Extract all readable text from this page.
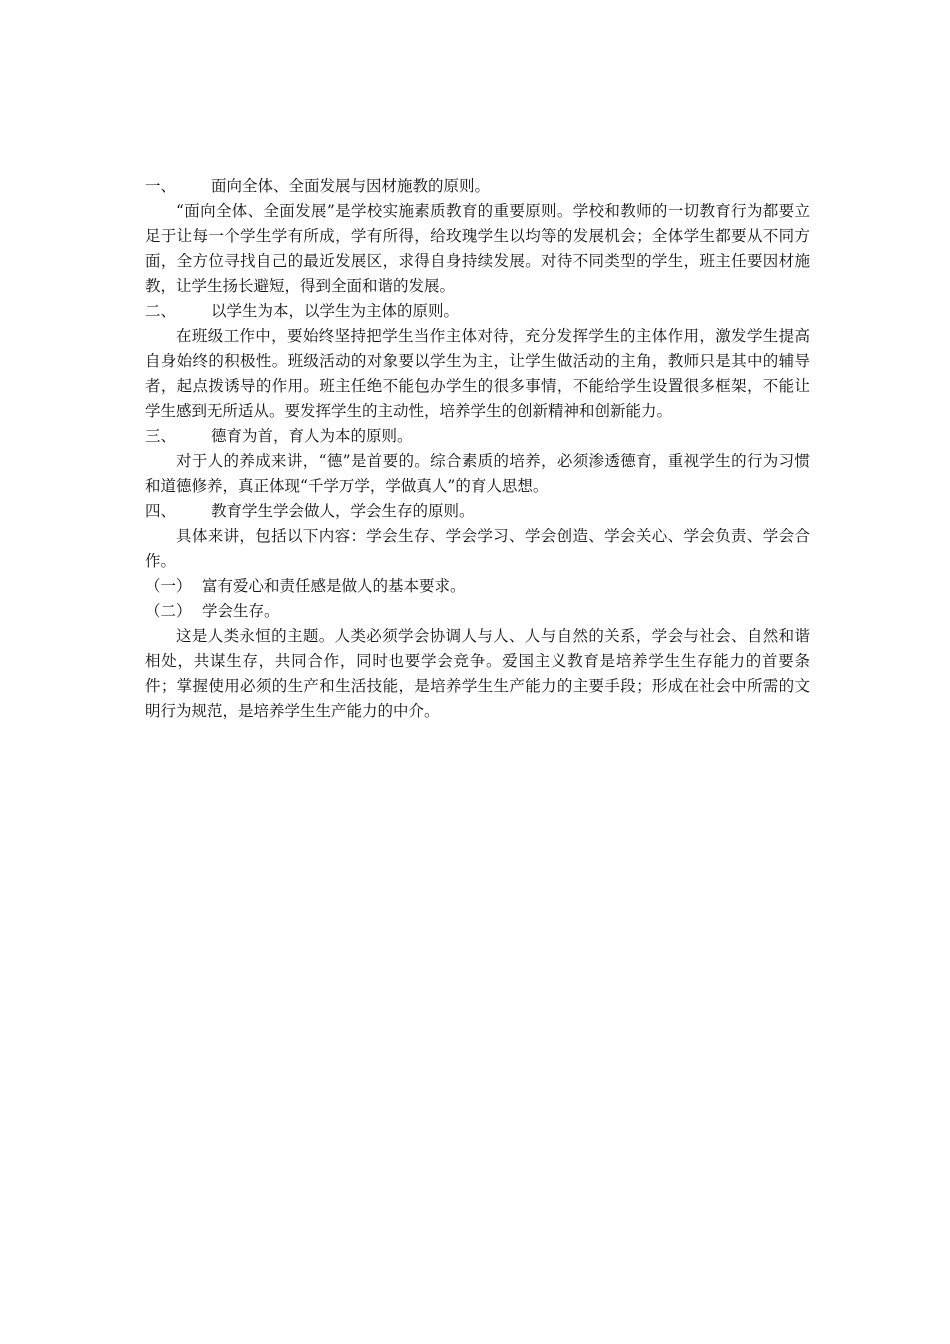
一、	面向全体、全面发展与因材施教的原则。

“面向全体、全面发展”是学校实施素质教育的重要原则。学校和教师的一切教育行为都要立足于让每一个学生学有所成，学有所得，给玫瑰学生以均等的发展机会；全体学生都要从不同方面，全方位寻找自己的最近发展区，求得自身持续发展。对待不同类型的学生，班主任要因材施教，让学生扬长避短，得到全面和谐的发展。

二、	以学生为本，以学生为主体的原则。

在班级工作中，要始终坚持把学生当作主体对待，充分发挥学生的主体作用，激发学生提高自身始终的积极性。班级活动的对象要以学生为主，让学生做活动的主角，教师只是其中的辅导者，起点拨诱导的作用。班主任绝不能包办学生的很多事情，不能给学生设置很多框架，不能让学生感到无所适从。要发挥学生的主动性，培养学生的创新精神和创新能力。

三、	德育为首，育人为本的原则。

对于人的养成来讲，“德”是首要的。综合素质的培养，必须渗透德育，重视学生的行为习惯和道德修养，真正体现“千学万学，学做真人”的育人思想。

四、	教育学生学会做人，学会生存的原则。

具体来讲，包括以下内容：学会生存、学会学习、学会创造、学会关心、学会负责、学会合作。

（一） 富有爱心和责任感是做人的基本要求。
（二） 学会生存。

这是人类永恒的主题。人类必须学会协调人与人、人与自然的关系，学会与社会、自然和谐相处，共谋生存，共同合作，同时也要学会竞争。爱国主义教育是培养学生生存能力的首要条件；掌握使用必须的生产和生活技能，是培养学生生产能力的主要手段；形成在社会中所需的文明行为规范，是培养学生生产能力的中介。
